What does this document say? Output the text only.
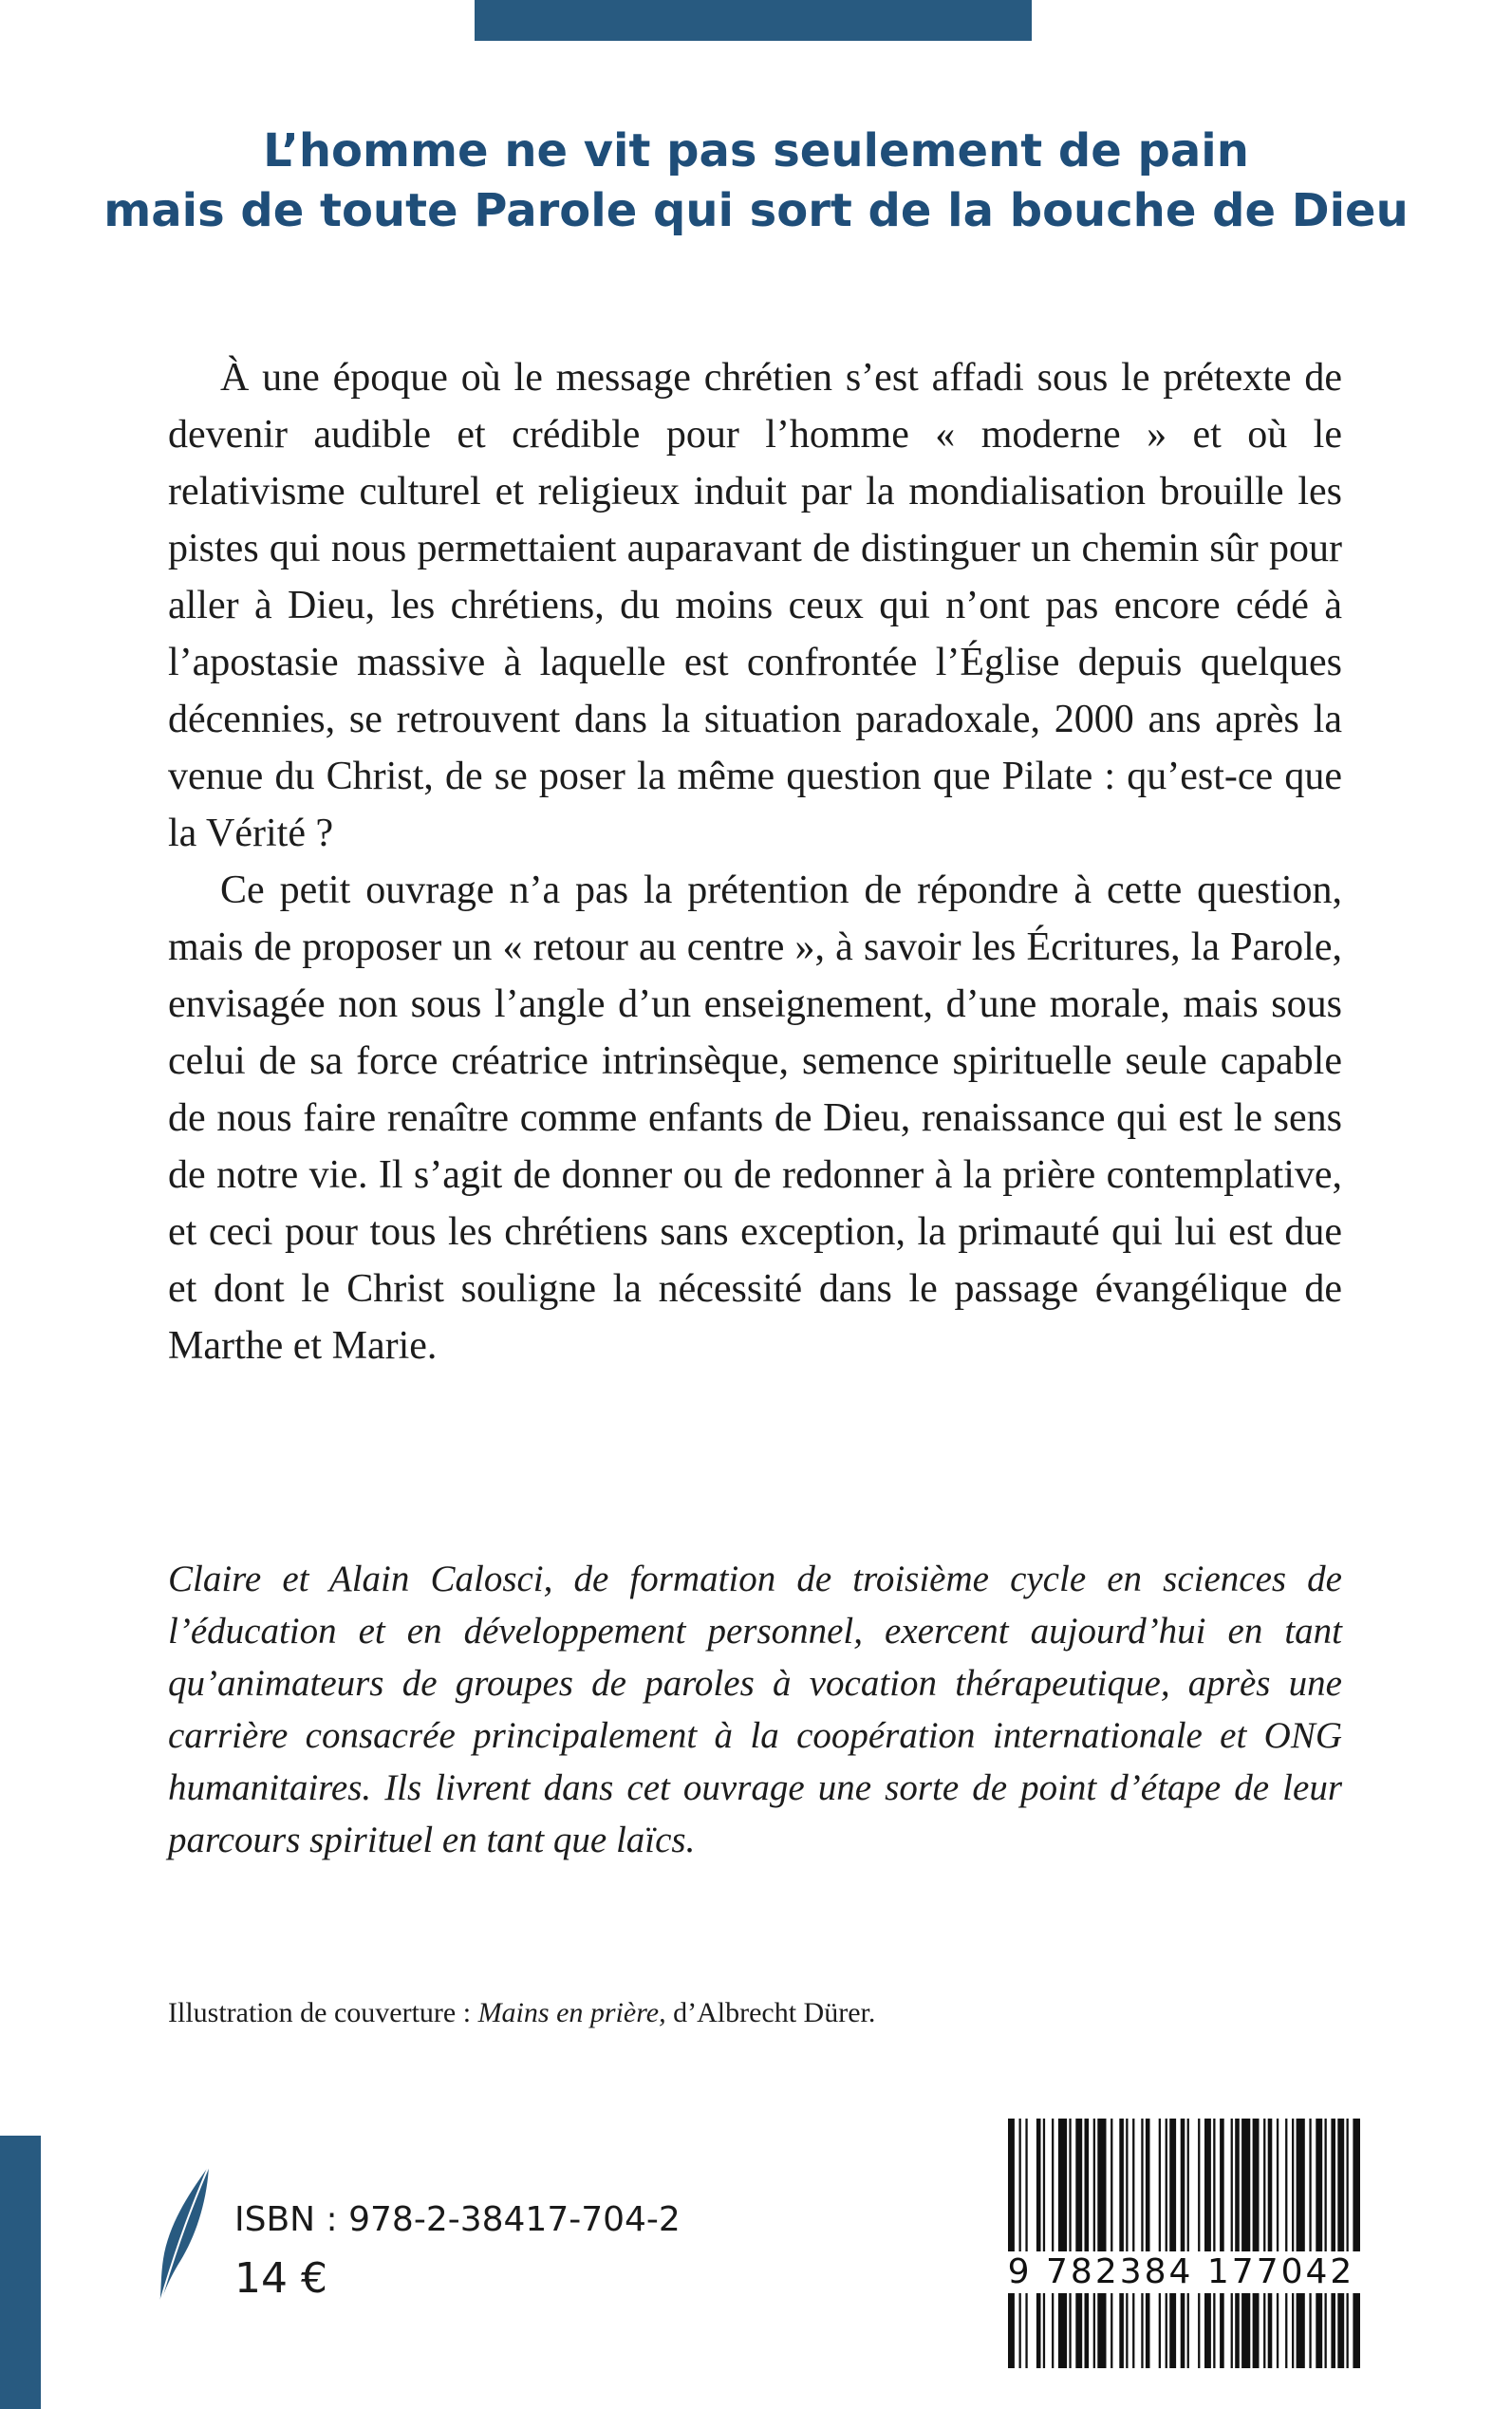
L’homme ne vit pas seulement de pain
mais de toute Parole qui sort de la bouche de Dieu

À une époque où le message chrétien s’est affadi sous le prétexte de devenir audible et crédible pour l’homme « moderne » et où le relativisme culturel et religieux induit par la mondialisation brouille les pistes qui nous permettaient auparavant de distinguer un chemin sûr pour aller à Dieu, les chrétiens, du moins ceux qui n’ont pas encore cédé à l’apostasie massive à laquelle est confrontée l’Église depuis quelques décennies, se retrouvent dans la situation paradoxale, 2000 ans après la venue du Christ, de se poser la même question que Pilate : qu’est-ce que la Vérité ?

Ce petit ouvrage n’a pas la prétention de répondre à cette question, mais de proposer un « retour au centre », à savoir les Écritures, la Parole, envisagée non sous l’angle d’un enseignement, d’une morale, mais sous celui de sa force créatrice intrinsèque, semence spirituelle seule capable de nous faire renaître comme enfants de Dieu, renaissance qui est le sens de notre vie. Il s’agit de donner ou de redonner à la prière contemplative, et ceci pour tous les chrétiens sans exception, la primauté qui lui est due et dont le Christ souligne la nécessité dans le passage évangélique de Marthe et Marie.

Claire et Alain Calosci, de formation de troisième cycle en sciences de l’éducation et en développement personnel, exercent aujourd’hui en tant qu’animateurs de groupes de paroles à vocation thérapeutique, après une carrière consacrée principalement à la coopération internationale et ONG humanitaires. Ils livrent dans cet ouvrage une sorte de point d’étape de leur parcours spirituel en tant que laïcs.

Illustration de couverture : Mains en prière, d’Albrecht Dürer.
ISBN : 978-2-38417-704-2
14 €	9 782384 177042
